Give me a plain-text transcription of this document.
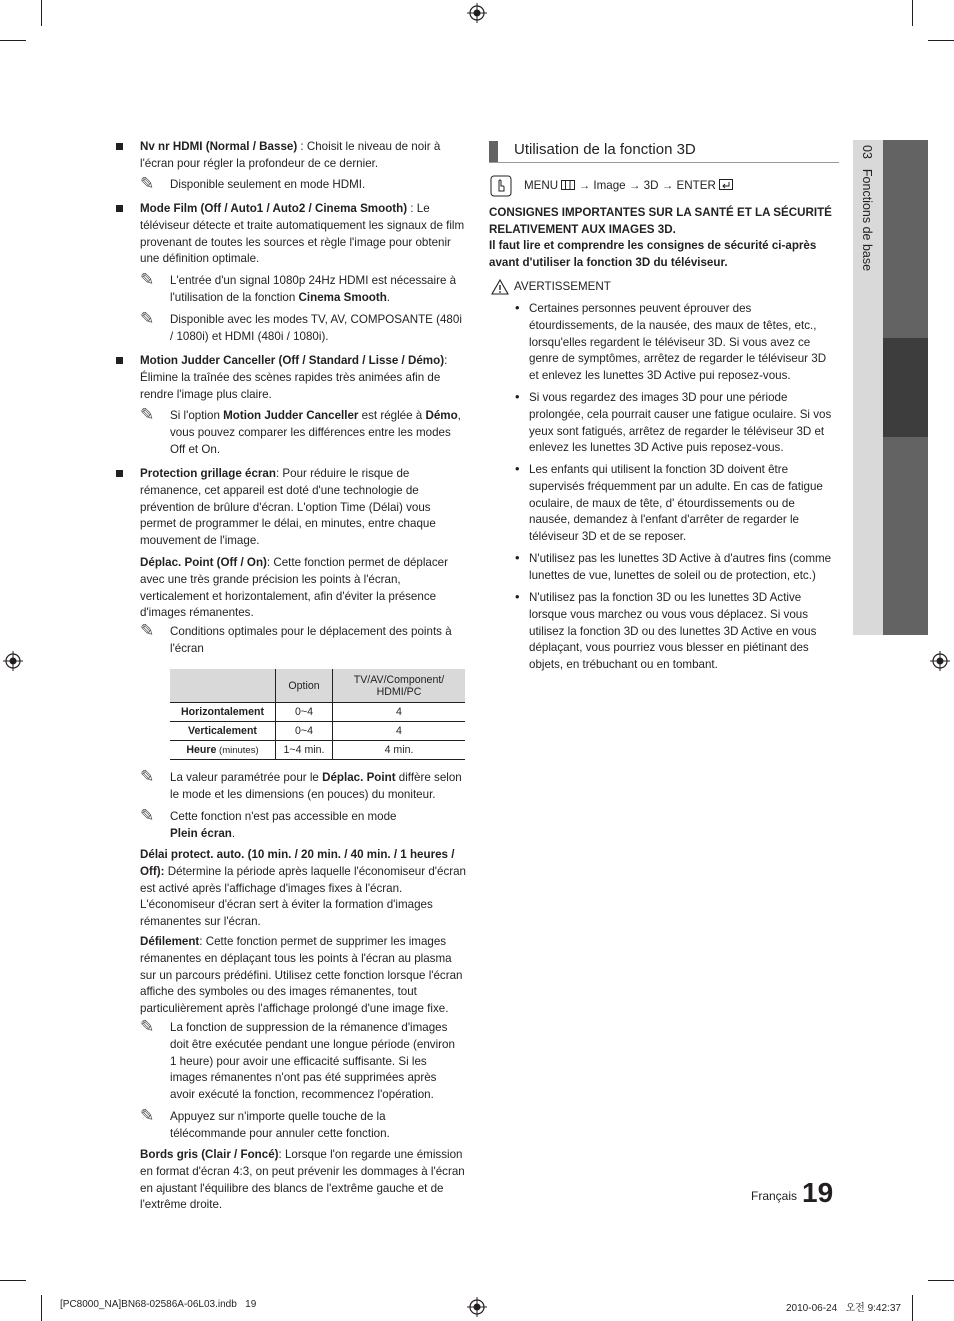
03Fonctions de base
Nv nr HDMI (Normal / Basse) : Choisit le niveau de noir à l'écran pour régler la profondeur de ce dernier.
✎ Disponible seulement en mode HDMI.
Mode Film (Off / Auto1 / Auto2 / Cinema Smooth) : Le téléviseur détecte et traite automatiquement les signaux de film provenant de toutes les sources et règle l'image pour obtenir une définition optimale.
✎ L'entrée d'un signal 1080p 24Hz HDMI est nécessaire à l'utilisation de la fonction Cinema Smooth.
✎ Disponible avec les modes TV, AV, COMPOSANTE (480i / 1080i) et HDMI (480i / 1080i).
Motion Judder Canceller (Off / Standard / Lisse / Démo): Élimine la traînée des scènes rapides très animées afin de rendre l'image plus claire.
✎ Si l'option Motion Judder Canceller est réglée à Démo, vous pouvez comparer les différences entre les modes Off et On.
Protection grillage écran: Pour réduire le risque de rémanence, cet appareil est doté d'une technologie de prévention de brûlure d'écran. L'option Time (Délai) vous permet de programmer le délai, en minutes, entre chaque mouvement de l'image.
Déplac. Point (Off / On): Cette fonction permet de déplacer avec une très grande précision les points à l'écran, verticalement et horizontalement, afin d'éviter la présence d'images rémanentes.
✎ Conditions optimales pour le déplacement des points à l'écran
	Option	TV/AV/Component/ HDMI/PC
Horizontalement	0~4	4
Verticalement	0~4	4
Heure (minutes)	1~4 min.	4 min.
✎ La valeur paramétrée pour le Déplac. Point diffère selon le mode et les dimensions (en pouces) du moniteur.
✎ Cette fonction n'est pas accessible en mode Plein écran.
Délai protect. auto. (10 min. / 20 min. / 40 min. / 1 heures / Off): Détermine la période après laquelle l'économiseur d'écran est activé après l'affichage d'images fixes à l'écran. L'économiseur d'écran sert à éviter la formation d'images rémanentes sur l'écran.
Défilement: Cette fonction permet de supprimer les images rémanentes en déplaçant tous les points à l'écran au plasma sur un parcours prédéfini. Utilisez cette fonction lorsque l'écran affiche des symboles ou des images rémanentes, tout particulièrement après l'affichage prolongé d'une image fixe.
✎ La fonction de suppression de la rémanence d'images doit être exécutée pendant une longue période (environ 1 heure) pour avoir une efficacité suffisante. Si les images rémanentes n'ont pas été supprimées après avoir exécuté la fonction, recommencez l'opération.
✎ Appuyez sur n'importe quelle touche de la télécommande pour annuler cette fonction.
Bords gris (Clair / Foncé): Lorsque l'on regarde une émission en format d'écran 4:3, on peut prévenir les dommages à l'écran en ajustant l'équilibre des blancs de l'extrême gauche et de l'extrême droite.
Utilisation de la fonction 3D
MENU  → Image → 3D → ENTER
CONSIGNES IMPORTANTES SUR LA SANTÉ ET LA SÉCURITÉ RELATIVEMENT AUX IMAGES 3D.
Il faut lire et comprendre les consignes de sécurité ci-après avant d'utiliser la fonction 3D du téléviseur.
AVERTISSEMENT
• Certaines personnes peuvent éprouver des étourdissements, de la nausée, des maux de têtes, etc., lorsqu'elles regardent le téléviseur 3D. Si vous avez ce genre de symptômes, arrêtez de regarder le téléviseur 3D et enlevez les lunettes 3D Active pui reposez-vous.
• Si vous regardez des images 3D pour une période prolongée, cela pourrait causer une fatigue oculaire. Si vos yeux sont fatigués, arrêtez de regarder le téléviseur 3D et enlevez les lunettes 3D Active puis reposez-vous.
• Les enfants qui utilisent la fonction 3D doivent être supervisés fréquemment par un adulte. En cas de fatigue oculaire, de maux de tête, d' étourdissements ou de nausée, demandez à l'enfant d'arrêter de regarder le téléviseur 3D et de se reposer.
• N'utilisez pas les lunettes 3D Active à d'autres fins (comme lunettes de vue, lunettes de soleil ou de protection, etc.)
• N'utilisez pas la fonction 3D ou les lunettes 3D Active lorsque vous marchez ou vous vous déplacez. Si vous utilisez la fonction 3D ou des lunettes 3D Active en vous déplaçant, vous pourriez vous blesser en piétinant des objets, en trébuchant ou en tombant.
Français 19
[PC8000_NA]BN68-02586A-06L03.indb   19	2010-06-24   오전 9:42:37
